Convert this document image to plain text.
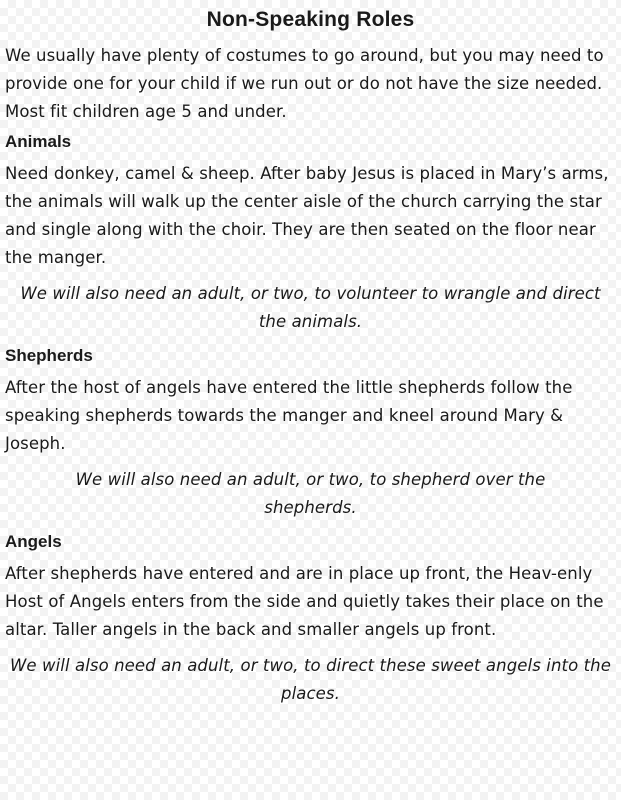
Non-Speaking Roles

We usually have plenty of costumes to go around, but you may need to provide one for your child if we run out or do not have the size needed. Most fit children age 5 and under.

Animals

Need donkey, camel & sheep. After baby Jesus is placed in Mary’s arms, the animals will walk up the center aisle of the church carrying the star and single along with the choir. They are then seated on the floor near the manger.

We will also need an adult, or two, to volunteer to wrangle and direct the animals.

Shepherds

After the host of angels have entered the little shepherds follow the speaking shepherds towards the manger and kneel around Mary & Joseph.

We will also need an adult, or two, to shepherd over the shepherds.

Angels

After shepherds have entered and are in place up front, the Heav-enly Host of Angels enters from the side and quietly takes their place on the altar. Taller angels in the back and smaller angels up front.

We will also need an adult, or two, to direct these sweet angels into the places.
